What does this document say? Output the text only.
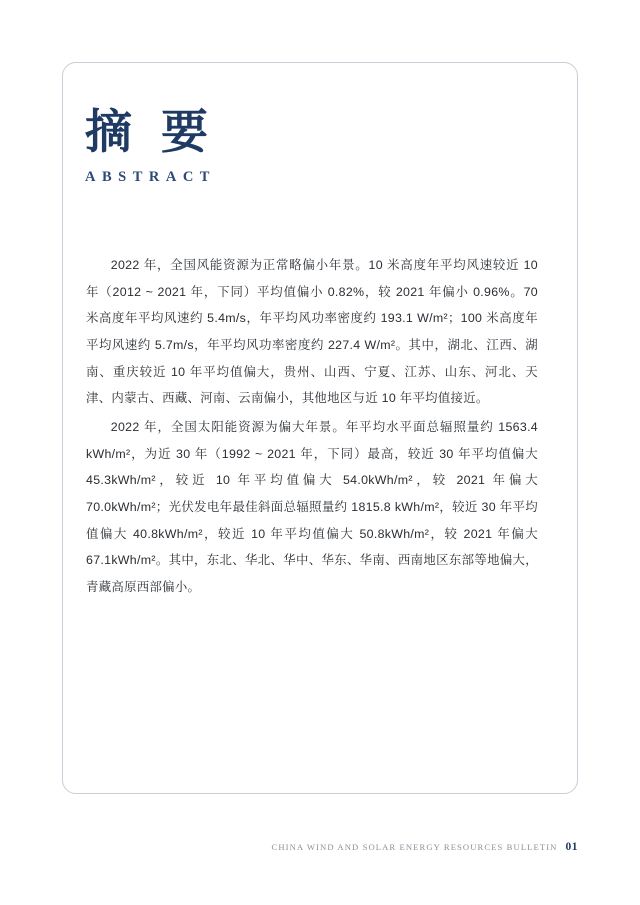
摘 要
ABSTRACT

2022 年，全国风能资源为正常略偏小年景。10 米高度年平均风速较近 10 年（2012 ~ 2021 年，下同）平均值偏小 0.82%，较 2021 年偏小 0.96%。70 米高度年平均风速约 5.4m/s，年平均风功率密度约 193.1 W/m²；100 米高度年平均风速约 5.7m/s，年平均风功率密度约 227.4 W/m²。其中，湖北、江西、湖南、重庆较近 10 年平均值偏大，贵州、山西、宁夏、江苏、山东、河北、天津、内蒙古、西藏、河南、云南偏小，其他地区与近 10 年平均值接近。

2022 年，全国太阳能资源为偏大年景。年平均水平面总辐照量约 1563.4 kWh/m²，为近 30 年（1992 ~ 2021 年，下同）最高，较近 30 年平均值偏大 45.3kWh/m²，较近 10 年平均值偏大 54.0kWh/m²，较 2021 年偏大 70.0kWh/m²；光伏发电年最佳斜面总辐照量约 1815.8 kWh/m²，较近 30 年平均值偏大 40.8kWh/m²，较近 10 年平均值偏大 50.8kWh/m²，较 2021 年偏大 67.1kWh/m²。其中，东北、华北、华中、华东、华南、西南地区东部等地偏大，青藏高原西部偏小。

CHINA WIND AND SOLAR ENERGY RESOURCES BULLETIN 01
